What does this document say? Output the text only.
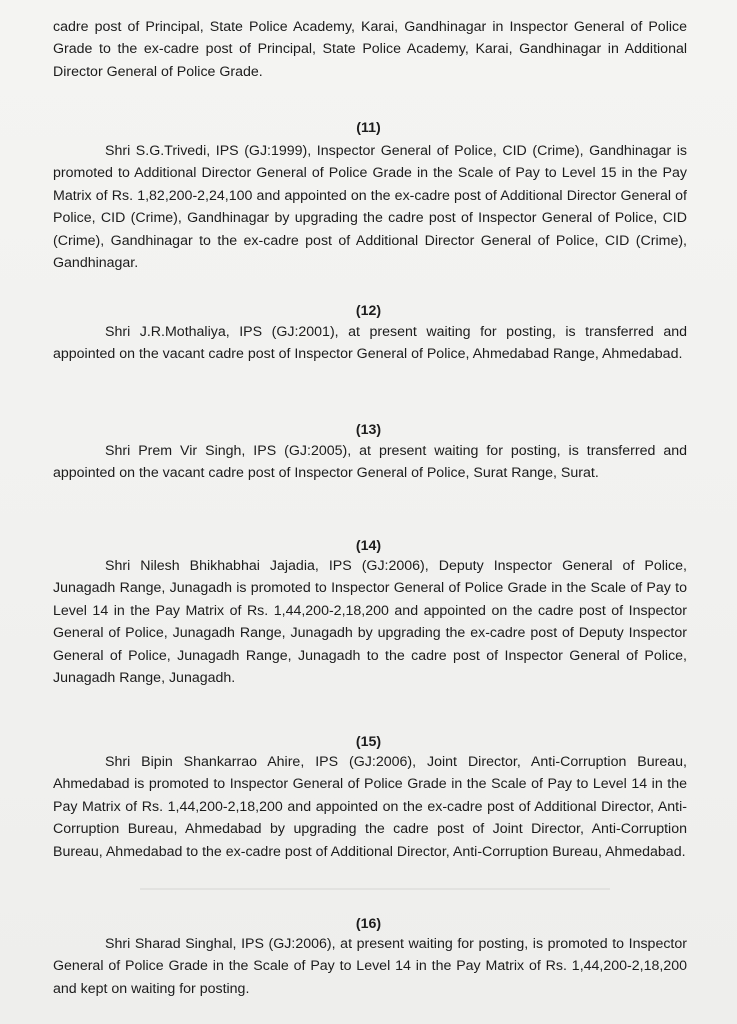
cadre post of Principal, State Police Academy, Karai, Gandhinagar in Inspector General of Police Grade to the ex-cadre post of Principal, State Police Academy, Karai, Gandhinagar in Additional Director General of Police Grade.

(11)

Shri S.G.Trivedi, IPS (GJ:1999), Inspector General of Police, CID (Crime), Gandhinagar is promoted to Additional Director General of Police Grade in the Scale of Pay to Level 15 in the Pay Matrix of Rs. 1,82,200-2,24,100 and appointed on the ex-cadre post of Additional Director General of Police, CID (Crime), Gandhinagar by upgrading the cadre post of Inspector General of Police, CID (Crime), Gandhinagar to the ex-cadre post of Additional Director General of Police, CID (Crime), Gandhinagar.

(12)

Shri J.R.Mothaliya, IPS (GJ:2001), at present waiting for posting, is transferred and appointed on the vacant cadre post of Inspector General of Police, Ahmedabad Range, Ahmedabad.

(13)

Shri Prem Vir Singh, IPS (GJ:2005), at present waiting for posting, is transferred and appointed on the vacant cadre post of Inspector General of Police, Surat Range, Surat.

(14)

Shri Nilesh Bhikhabhai Jajadia, IPS (GJ:2006), Deputy Inspector General of Police, Junagadh Range, Junagadh is promoted to Inspector General of Police Grade in the Scale of Pay to Level 14 in the Pay Matrix of Rs. 1,44,200-2,18,200 and appointed on the cadre post of Inspector General of Police, Junagadh Range, Junagadh by upgrading the ex-cadre post of Deputy Inspector General of Police, Junagadh Range, Junagadh to the cadre post of Inspector General of Police, Junagadh Range, Junagadh.

(15)

Shri Bipin Shankarrao Ahire, IPS (GJ:2006), Joint Director, Anti-Corruption Bureau, Ahmedabad is promoted to Inspector General of Police Grade in the Scale of Pay to Level 14 in the Pay Matrix of Rs. 1,44,200-2,18,200 and appointed on the ex-cadre post of Additional Director, Anti-Corruption Bureau, Ahmedabad by upgrading the cadre post of Joint Director, Anti-Corruption Bureau, Ahmedabad to the ex-cadre post of Additional Director, Anti-Corruption Bureau, Ahmedabad.

(16)

Shri Sharad Singhal, IPS (GJ:2006), at present waiting for posting, is promoted to Inspector General of Police Grade in the Scale of Pay to Level 14 in the Pay Matrix of Rs. 1,44,200-2,18,200 and kept on waiting for posting.
